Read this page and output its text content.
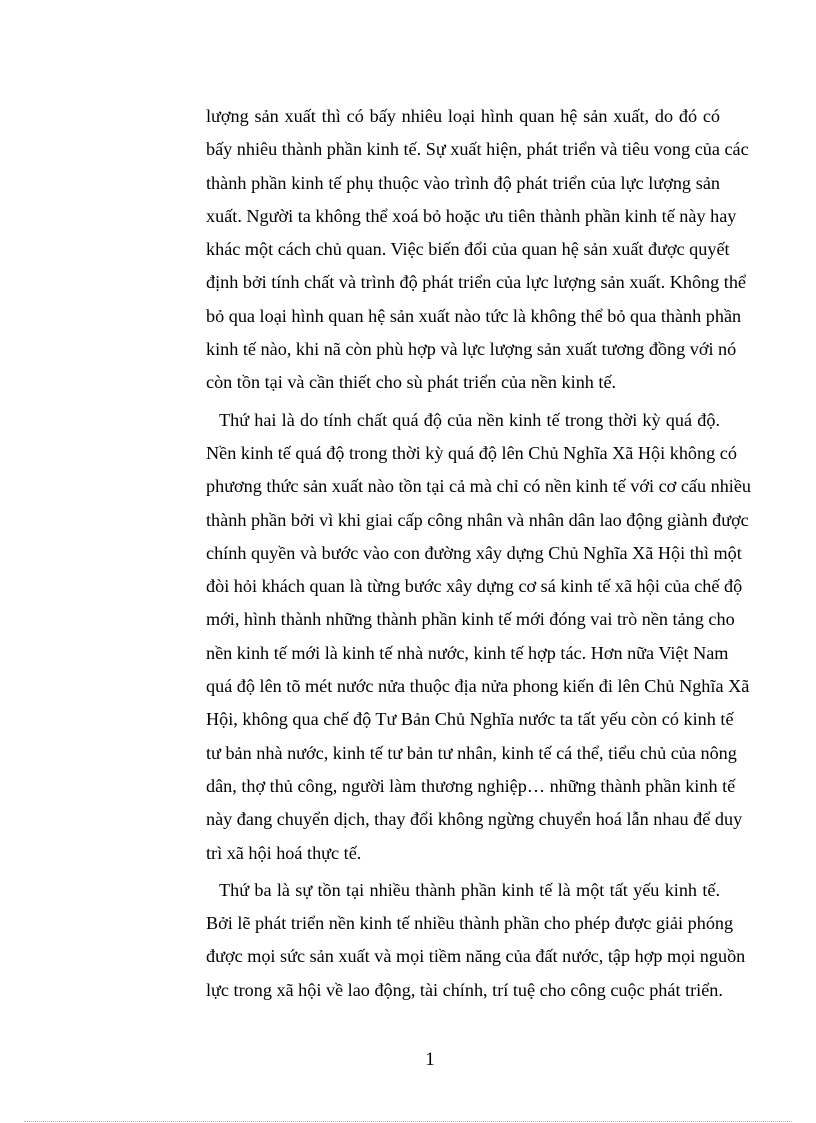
lượng sản xuất thì có bấy nhiêu loại hình quan hệ sản xuất, do đó có
bấy nhiêu thành phần kinh tế. Sự xuất hiện, phát triển và tiêu vong của các
thành phần kinh tế phụ thuộc vào trình độ phát triển của lực lượng sản
xuất. Người ta không thể xoá bỏ hoặc ưu tiên thành phần kinh tế này hay
khác một cách chủ quan. Việc biến đổi của quan hệ sản xuất được quyết
định bởi tính chất và trình độ phát triển của lực lượng sản xuất. Không thể
bỏ qua loại hình quan hệ sản xuất nào tức là không thể bỏ qua thành phần
kinh tế nào, khi nã còn phù hợp và lực lượng sản xuất tương đồng với nó
còn tồn tại và cần thiết cho sù phát triển của nền kinh tế.
Thứ hai là do tính chất quá độ của nền kinh tế trong thời kỳ quá độ.
Nền kinh tế quá độ trong thời kỳ quá độ lên Chủ Nghĩa Xã Hội không có
phương thức sản xuất nào tồn tại cả mà chỉ có nền kinh tế với cơ cấu nhiều
thành phần bởi vì khi giai cấp công nhân và nhân dân lao động giành được
chính quyền và bước vào con đường xây dựng Chủ Nghĩa Xã Hội thì một
đòi hỏi khách quan là từng bước xây dựng cơ sá kinh tế xã hội của chế độ
mới, hình thành những thành phần kinh tế mới đóng vai trò nền tảng cho
nền kinh tế mới là kinh tế nhà nước, kinh tế hợp tác. Hơn nữa Việt Nam
quá độ lên tõ mét nước nửa thuộc địa nửa phong kiến đi lên Chủ Nghĩa Xã
Hội, không qua chế độ Tư Bản Chủ Nghĩa nước ta tất yếu còn có kinh tế
tư bản nhà nước, kinh tế tư bản tư nhân, kinh tế cá thể, tiểu chủ của nông
dân, thợ thủ công, người làm thương nghiệp… những thành phần kinh tế
này đang chuyển dịch, thay đổi không ngừng chuyển hoá lẫn nhau để duy
trì xã hội hoá thực tế.
Thứ ba là sự tồn tại nhiều thành phần kinh tế là một tất yếu kinh tế.
Bởi lẽ phát triển nền kinh tế nhiều thành phần cho phép được giải phóng
được mọi sức sản xuất và mọi tiềm năng của đất nước, tập hợp mọi nguồn
lực trong xã hội về lao động, tài chính, trí tuệ cho công cuộc phát triển.
1
